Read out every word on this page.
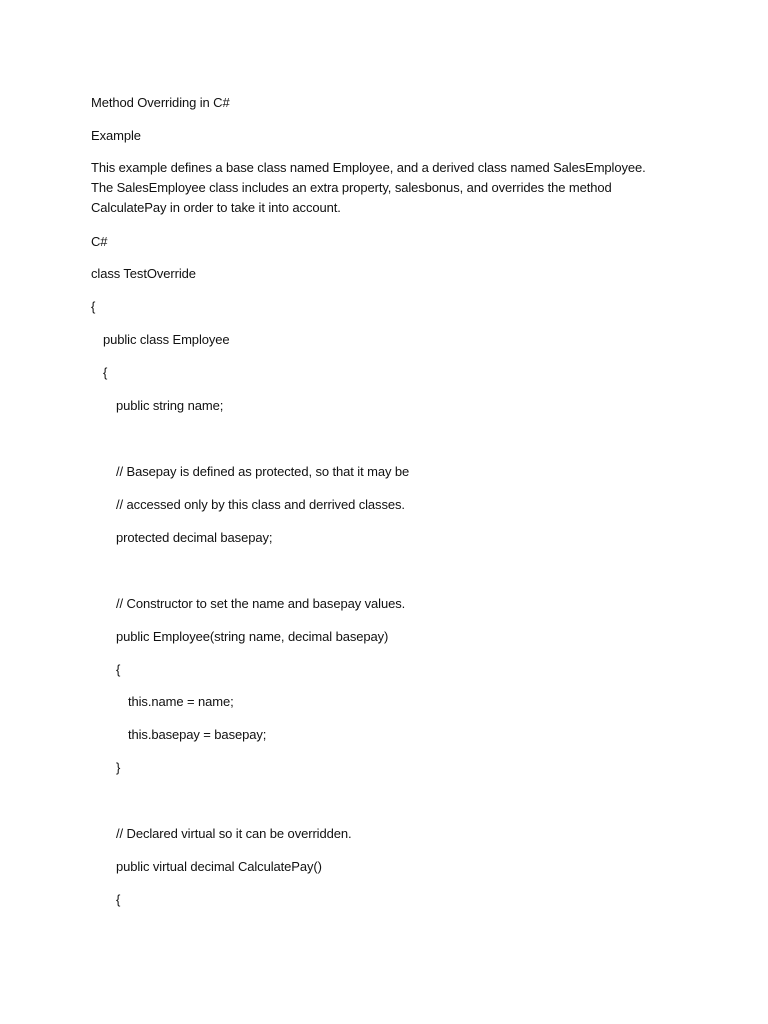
Method Overriding in C#
Example
This example defines a base class named Employee, and a derived class named SalesEmployee. The SalesEmployee class includes an extra property, salesbonus, and overrides the method CalculatePay in order to take it into account.
C#
class TestOverride
{
public class Employee
{
public string name;
// Basepay is defined as protected, so that it may be
// accessed only by this class and derrived classes.
protected decimal basepay;
// Constructor to set the name and basepay values.
public Employee(string name, decimal basepay)
{
this.name = name;
this.basepay = basepay;
}
// Declared virtual so it can be overridden.
public virtual decimal CalculatePay()
{
